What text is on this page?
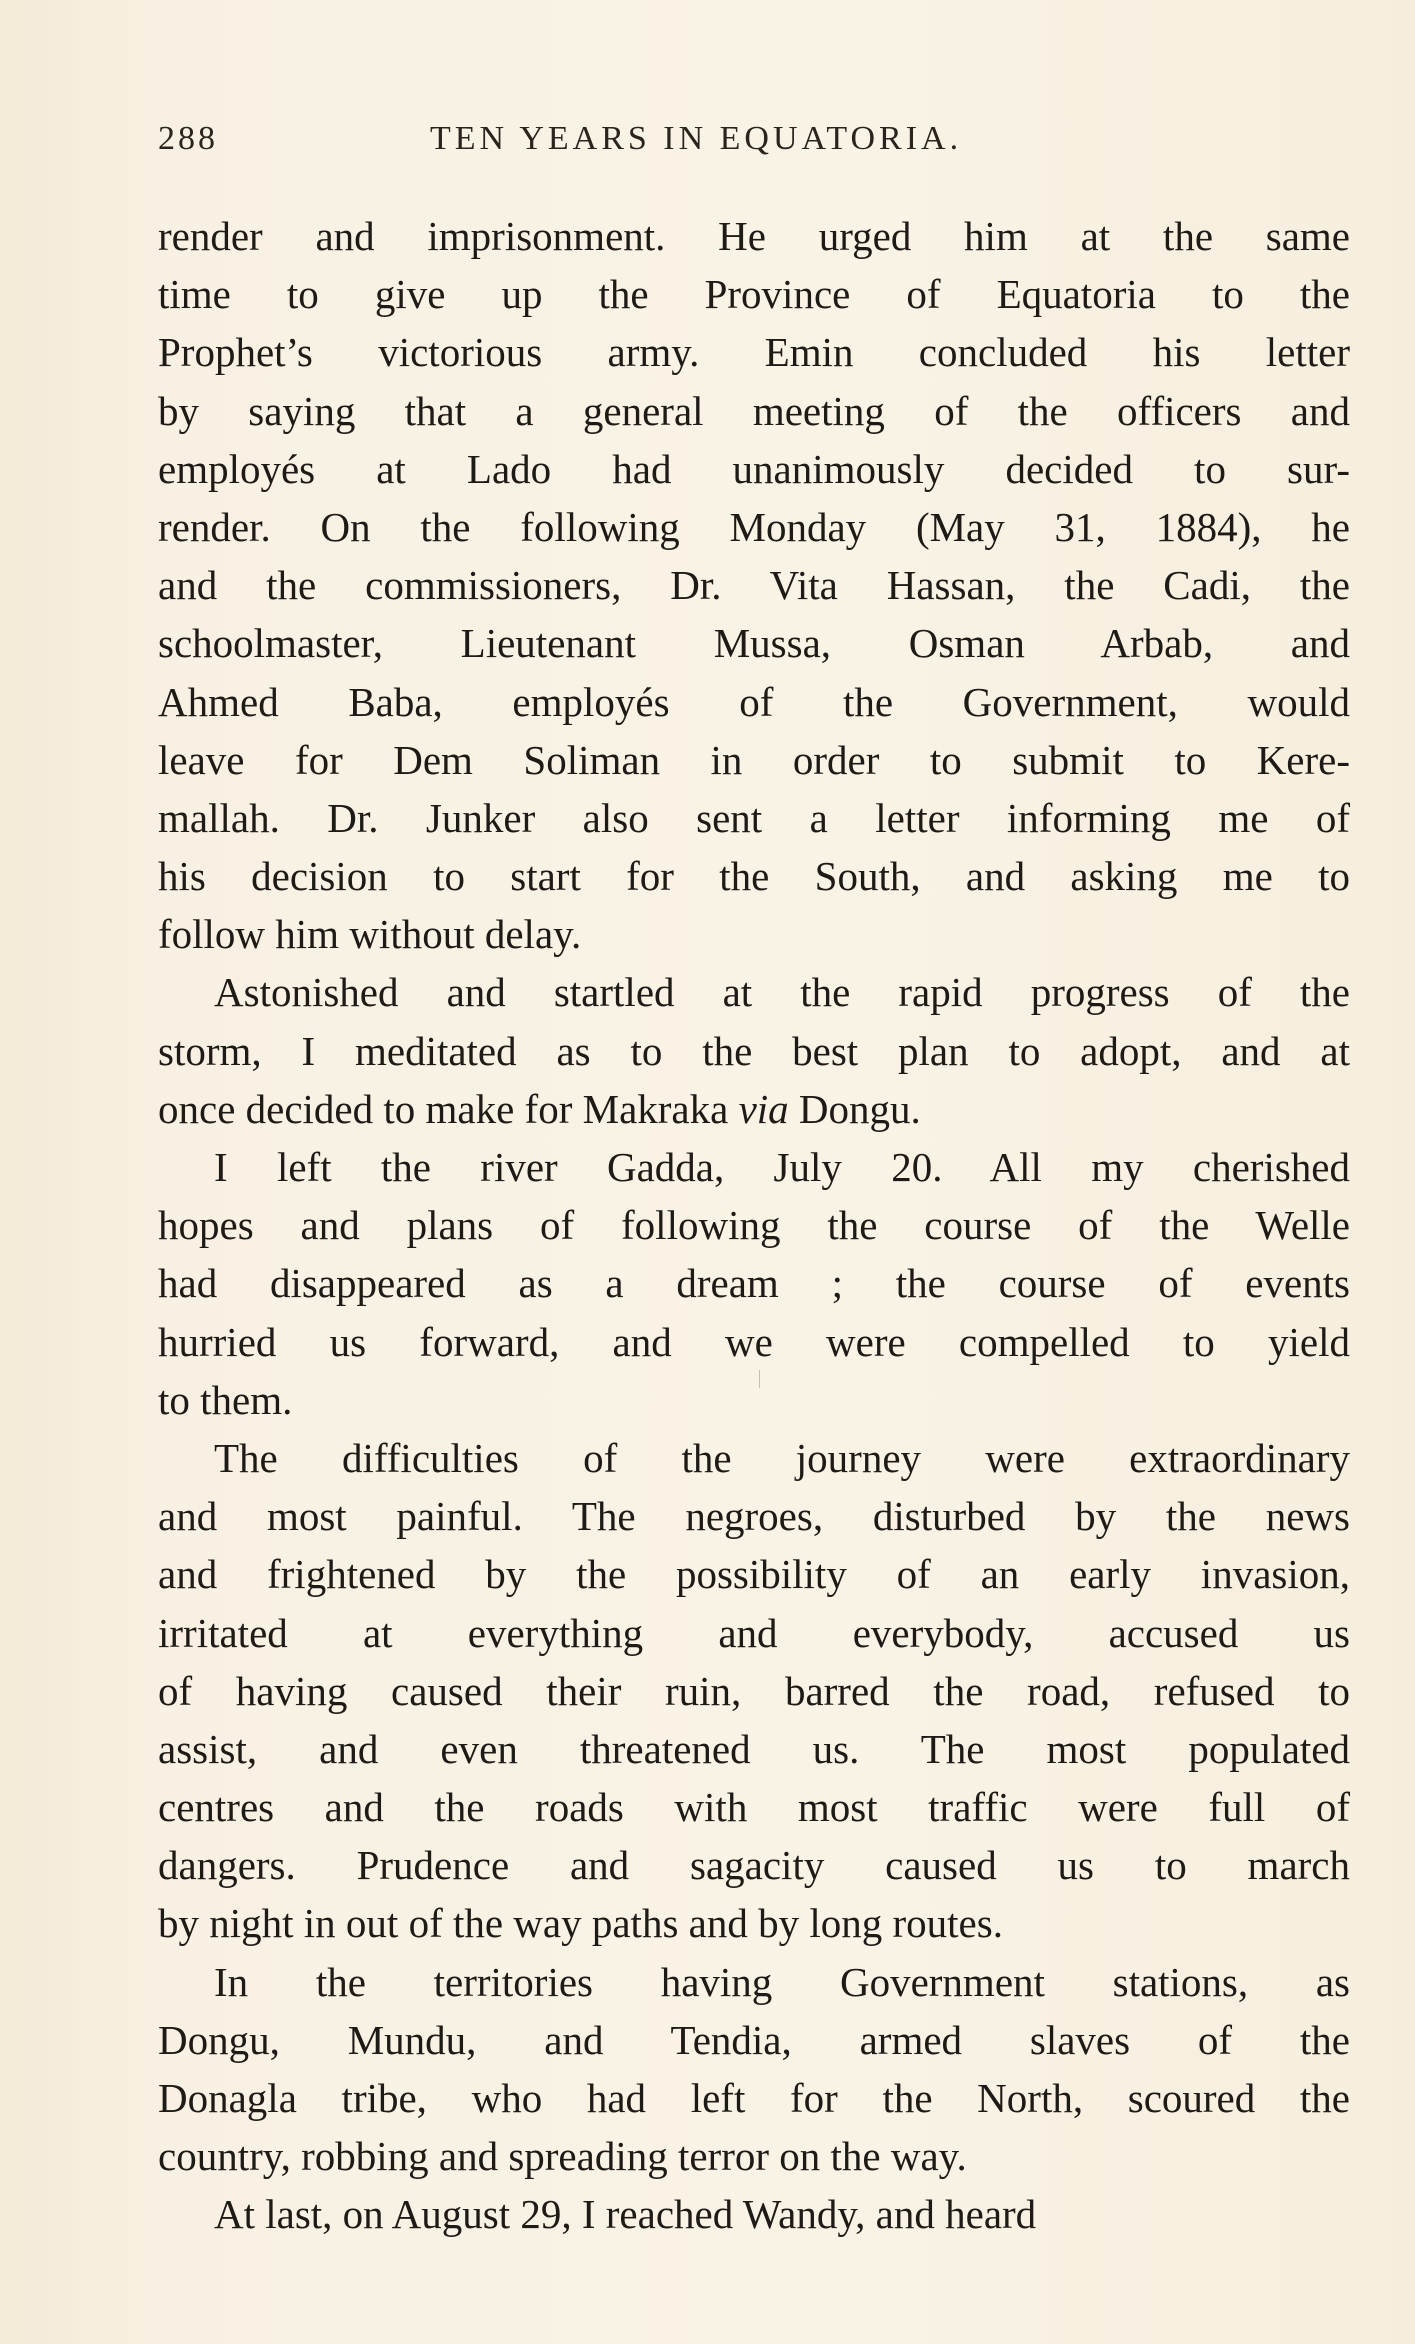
288	TEN YEARS IN EQUATORIA.
render and imprisonment. He urged him at the same
time to give up the Province of Equatoria to the
Prophet’s victorious army. Emin concluded his letter
by saying that a general meeting of the officers and
employés at Lado had unanimously decided to sur-
render. On the following Monday (May 31, 1884), he
and the commissioners, Dr. Vita Hassan, the Cadi, the
schoolmaster, Lieutenant Mussa, Osman Arbab, and
Ahmed Baba, employés of the Government, would
leave for Dem Soliman in order to submit to Kere-
mallah. Dr. Junker also sent a letter informing me of
his decision to start for the South, and asking me to
follow him without delay.
Astonished and startled at the rapid progress of the
storm, I meditated as to the best plan to adopt, and at
once decided to make for Makraka via Dongu.
I left the river Gadda, July 20. All my cherished
hopes and plans of following the course of the Welle
had disappeared as a dream ; the course of events
hurried us forward, and we were compelled to yield
to them.
The difficulties of the journey were extraordinary
and most painful. The negroes, disturbed by the news
and frightened by the possibility of an early invasion,
irritated at everything and everybody, accused us
of having caused their ruin, barred the road, refused to
assist, and even threatened us. The most populated
centres and the roads with most traffic were full of
dangers. Prudence and sagacity caused us to march
by night in out of the way paths and by long routes.
In the territories having Government stations, as
Dongu, Mundu, and Tendia, armed slaves of the
Donagla tribe, who had left for the North, scoured the
country, robbing and spreading terror on the way.
At last, on August 29, I reached Wandy, and heard
